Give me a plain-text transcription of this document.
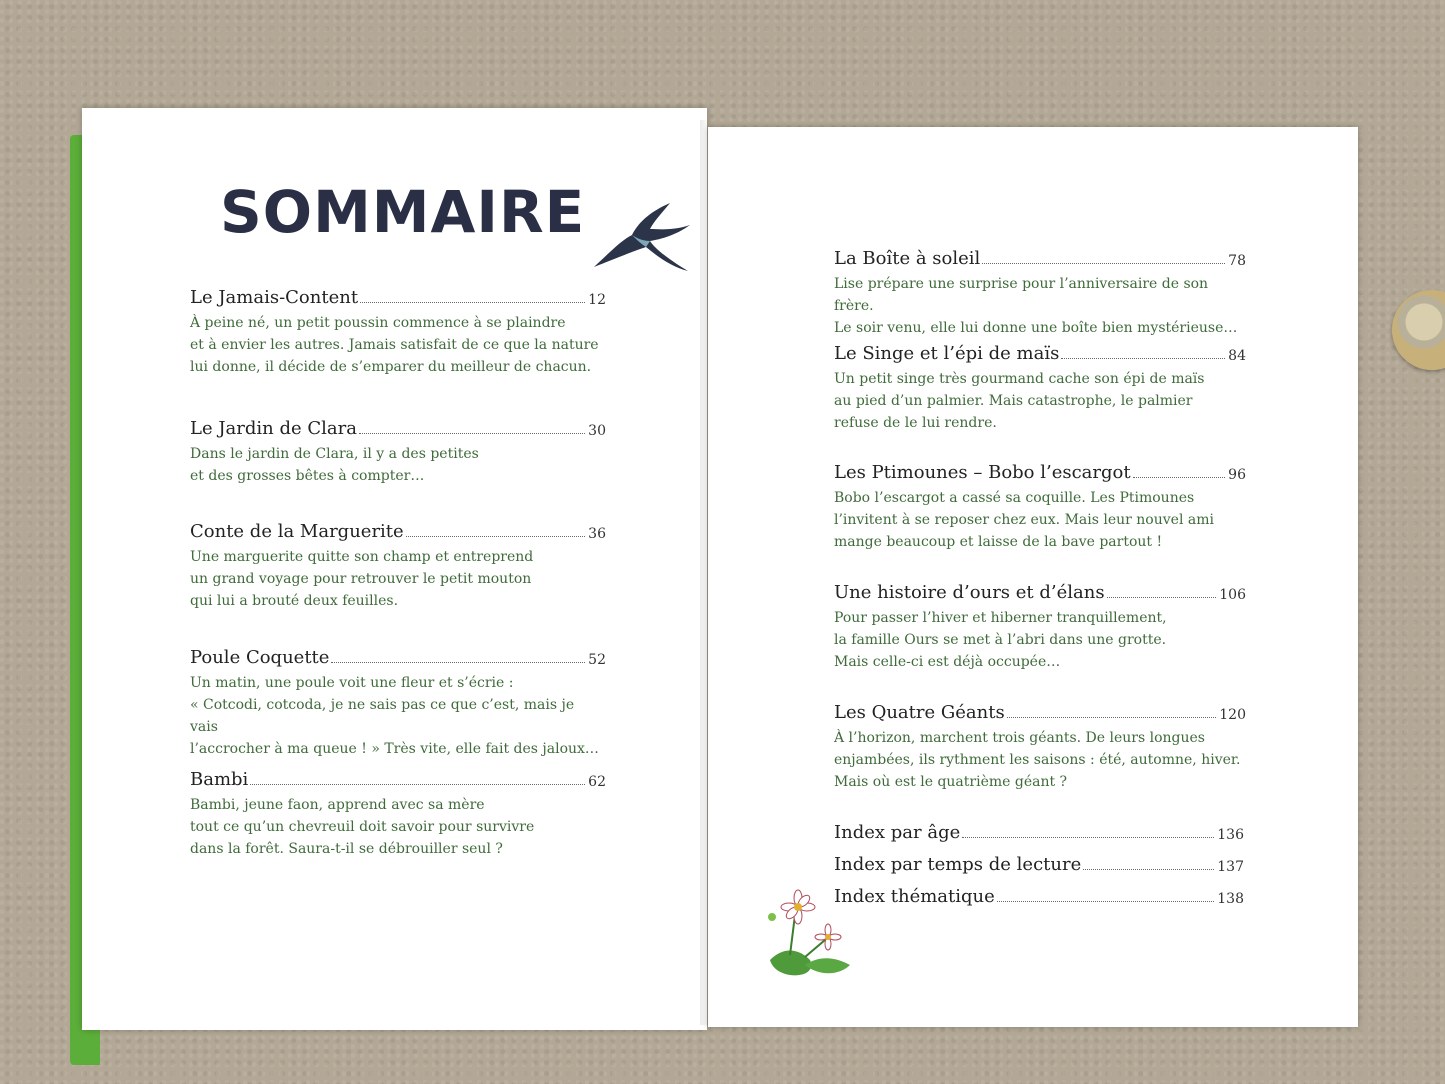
SOMMAIRE
Le Jamais-Content	12
À peine né, un petit poussin commence à se plaindre
et à envier les autres. Jamais satisfait de ce que la nature
lui donne, il décide de s’emparer du meilleur de chacun.
Le Jardin de Clara	30
Dans le jardin de Clara, il y a des petites
et des grosses bêtes à compter…
Conte de la Marguerite	36
Une marguerite quitte son champ et entreprend
un grand voyage pour retrouver le petit mouton
qui lui a brouté deux feuilles.
Poule Coquette	52
Un matin, une poule voit une fleur et s’écrie :
« Cotcodi, cotcoda, je ne sais pas ce que c’est, mais je vais
l’accrocher à ma queue ! » Très vite, elle fait des jaloux…
Bambi	62
Bambi, jeune faon, apprend avec sa mère
tout ce qu’un chevreuil doit savoir pour survivre
dans la forêt. Saura-t-il se débrouiller seul ?
La Boîte à soleil	78
Lise prépare une surprise pour l’anniversaire de son frère.
Le soir venu, elle lui donne une boîte bien mystérieuse…
Le Singe et l’épi de maïs	84
Un petit singe très gourmand cache son épi de maïs
au pied d’un palmier. Mais catastrophe, le palmier
refuse de le lui rendre.
Les Ptimounes – Bobo l’escargot	96
Bobo l’escargot a cassé sa coquille. Les Ptimounes
l’invitent à se reposer chez eux. Mais leur nouvel ami
mange beaucoup et laisse de la bave partout !
Une histoire d’ours et d’élans	106
Pour passer l’hiver et hiberner tranquillement,
la famille Ours se met à l’abri dans une grotte.
Mais celle-ci est déjà occupée…
Les Quatre Géants	120
À l’horizon, marchent trois géants. De leurs longues
enjambées, ils rythment les saisons : été, automne, hiver.
Mais où est le quatrième géant ?
Index par âge	136
Index par temps de lecture	137
Index thématique	138
